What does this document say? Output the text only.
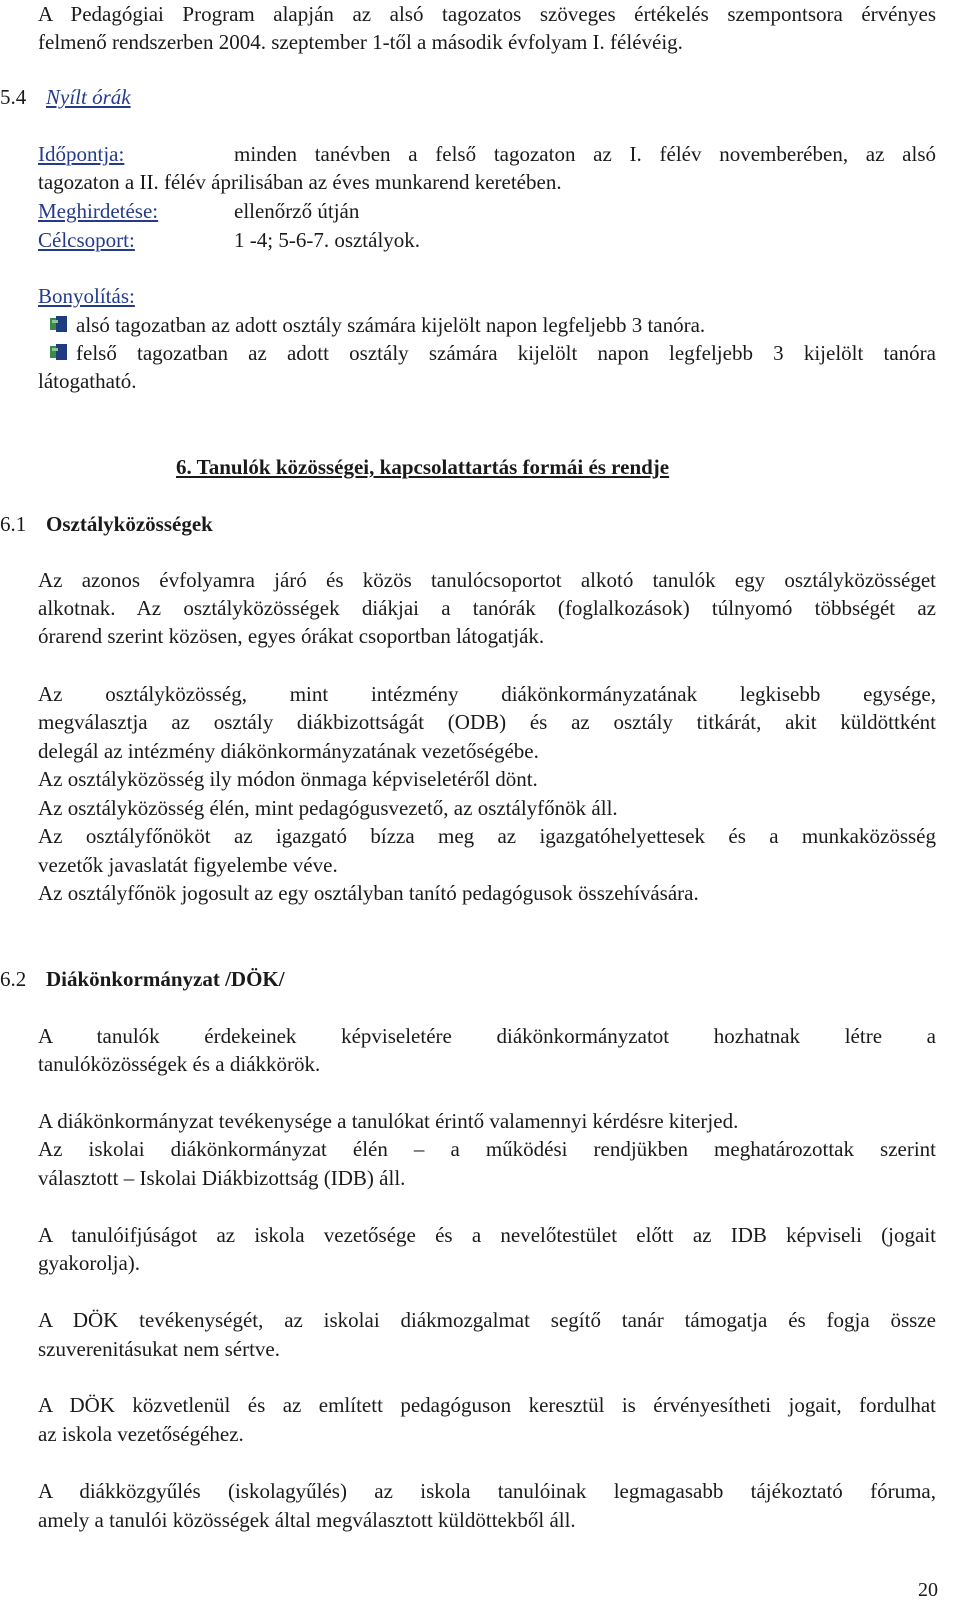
A Pedagógiai Program alapján az alsó tagozatos szöveges értékelés szempontsora érvényes
felmenő rendszerben 2004. szeptember 1-től a második évfolyam I. félévéig.
5.4 Nyílt órák
Időpontja:	minden tanévben a felső tagozaton az I. félév novemberében, az alsó
tagozaton a II. félév áprilisában az éves munkarend keretében.
Meghirdetése:	ellenőrző útján
Célcsoport:	1 -4; 5-6-7. osztályok.
Bonyolítás:
alsó tagozatban az adott osztály számára kijelölt napon legfeljebb 3 tanóra.
felső tagozatban az adott osztály számára kijelölt napon legfeljebb 3 kijelölt tanóra
látogatható.
6. Tanulók közösségei, kapcsolattartás formái és rendje
6.1 Osztályközösségek
Az azonos évfolyamra járó és közös tanulócsoportot alkotó tanulók egy osztályközösséget
alkotnak. Az osztályközösségek diákjai a tanórák (foglalkozások) túlnyomó többségét az
órarend szerint közösen, egyes órákat csoportban látogatják.
Az osztályközösség, mint intézmény diákönkormányzatának legkisebb egysége,
megválasztja az osztály diákbizottságát (ODB) és az osztály titkárát, akit küldöttként
delegál az intézmény diákönkormányzatának vezetőségébe.
Az osztályközösség ily módon önmaga képviseletéről dönt.
Az osztályközösség élén, mint pedagógusvezető, az osztályfőnök áll.
Az osztályfőnököt az igazgató bízza meg az igazgatóhelyettesek és a munkaközösség
vezetők javaslatát figyelembe véve.
Az osztályfőnök jogosult az egy osztályban tanító pedagógusok összehívására.
6.2 Diákönkormányzat /DÖK/
A tanulók érdekeinek képviseletére diákönkormányzatot hozhatnak létre a
tanulóközösségek és a diákkörök.
A diákönkormányzat tevékenysége a tanulókat érintő valamennyi kérdésre kiterjed.
Az iskolai diákönkormányzat élén – a működési rendjükben meghatározottak szerint
választott – Iskolai Diákbizottság (IDB) áll.
A tanulóifjúságot az iskola vezetősége és a nevelőtestület előtt az IDB képviseli (jogait
gyakorolja).
A DÖK tevékenységét, az iskolai diákmozgalmat segítő tanár támogatja és fogja össze
szuverenitásukat nem sértve.
A DÖK közvetlenül és az említett pedagóguson keresztül is érvényesítheti jogait, fordulhat
az iskola vezetőségéhez.
A diákközgyűlés (iskolagyűlés) az iskola tanulóinak legmagasabb tájékoztató fóruma,
amely a tanulói közösségek által megválasztott küldöttekből áll.
20
